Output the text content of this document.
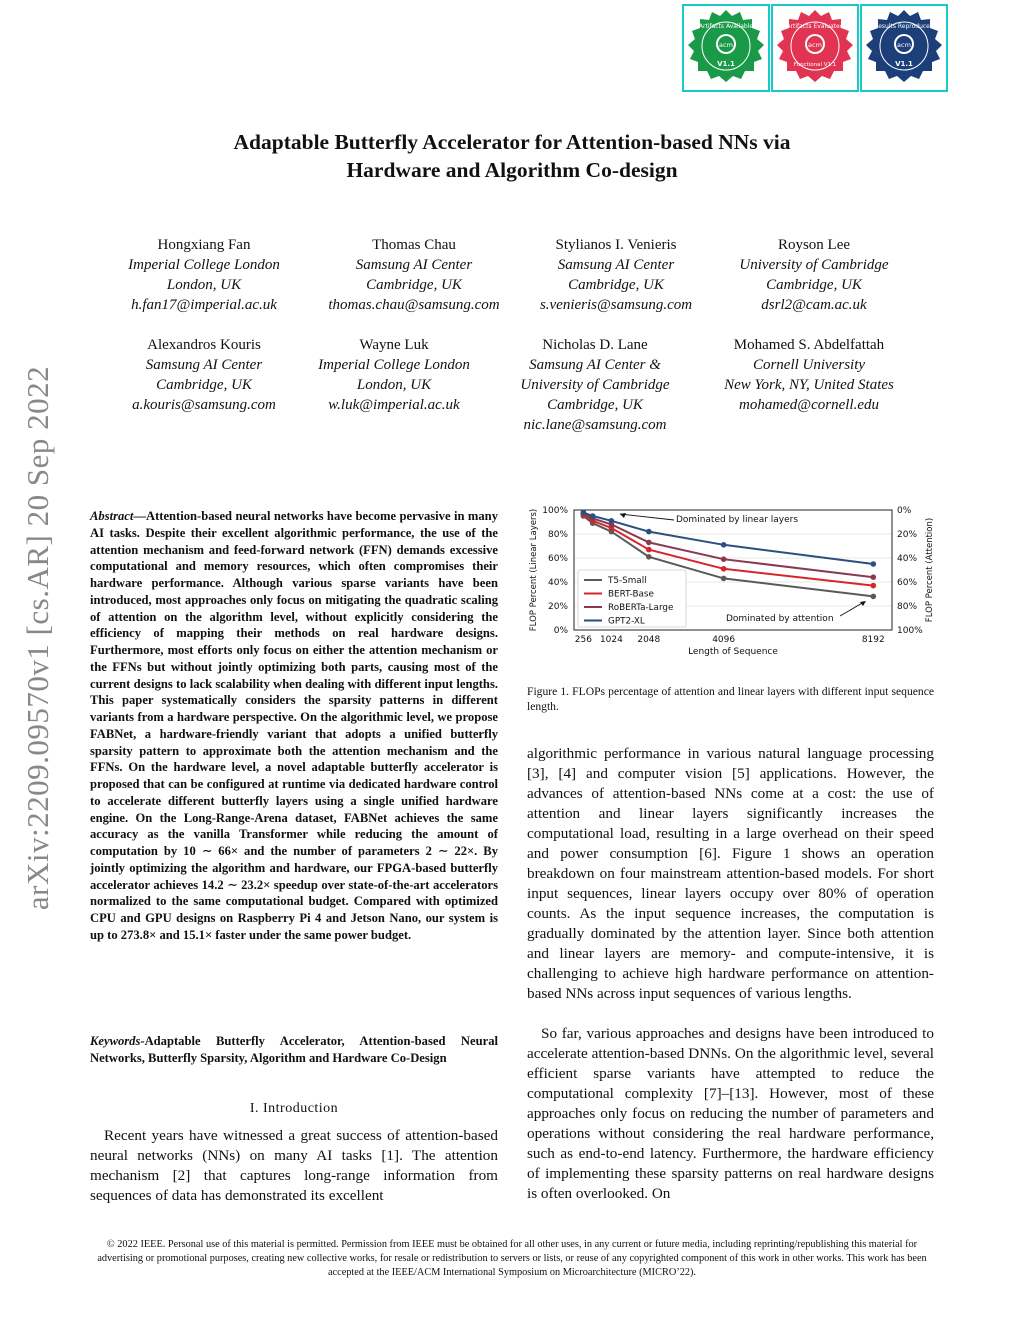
arXiv:2209.09570v1 [cs.AR] 20 Sep 2022
acm
Artifacts Available
V1.1
acm
Artifacts Evaluated
Functional V1.1
acm
Results Reproduced
V1.1
Adaptable Butterfly Accelerator for Attention-based NNs via
Hardware and Algorithm Co-design
Hongxiang Fan
Imperial College London
London, UK
h.fan17@imperial.ac.uk
Thomas Chau
Samsung AI Center
Cambridge, UK
thomas.chau@samsung.com
Stylianos I. Venieris
Samsung AI Center
Cambridge, UK
s.venieris@samsung.com
Royson Lee
University of Cambridge
Cambridge, UK
dsrl2@cam.ac.uk
Alexandros Kouris
Samsung AI Center
Cambridge, UK
a.kouris@samsung.com
Wayne Luk
Imperial College London
London, UK
w.luk@imperial.ac.uk
Nicholas D. Lane
Samsung AI Center &
University of Cambridge
Cambridge, UK
nic.lane@samsung.com
Mohamed S. Abdelfattah
Cornell University
New York, NY, United States
mohamed@cornell.edu
Abstract—Attention-based neural networks have become pervasive in many AI tasks. Despite their excellent algorithmic performance, the use of the attention mechanism and feed-forward network (FFN) demands excessive computational and memory resources, which often compromises their hardware performance. Although various sparse variants have been introduced, most approaches only focus on mitigating the quadratic scaling of attention on the algorithm level, without explicitly considering the efficiency of mapping their methods on real hardware designs. Furthermore, most efforts only focus on either the attention mechanism or the FFNs but without jointly optimizing both parts, causing most of the current designs to lack scalability when dealing with different input lengths. This paper systematically considers the sparsity patterns in different variants from a hardware perspective. On the algorithmic level, we propose FABNet, a hardware-friendly variant that adopts a unified butterfly sparsity pattern to approximate both the attention mechanism and the FFNs. On the hardware level, a novel adaptable butterfly accelerator is proposed that can be configured at runtime via dedicated hardware control to accelerate different butterfly layers using a single unified hardware engine. On the Long-Range-Arena dataset, FABNet achieves the same accuracy as the vanilla Transformer while reducing the amount of computation by 10 ∼ 66× and the number of parameters 2 ∼ 22×. By jointly optimizing the algorithm and hardware, our FPGA-based butterfly accelerator achieves 14.2 ∼ 23.2× speedup over state-of-the-art accelerators normalized to the same computational budget. Compared with optimized CPU and GPU designs on Raspberry Pi 4 and Jetson Nano, our system is up to 273.8× and 15.1× faster under the same power budget.
Keywords-Adaptable Butterfly Accelerator, Attention-based Neural Networks, Butterfly Sparsity, Algorithm and Hardware Co-Design
I. Introduction
Recent years have witnessed a great success of attention-based neural networks (NNs) on many AI tasks [1]. The attention mechanism [2] that captures long-range information from sequences of data has demonstrated its excellent
0%
20%
40%
60%
80%
100%
100%
80%
60%
40%
20%
0%
256 1024 2048	4096	8192
Length of Sequence
FLOP Percent (Linear Layers)	FLOP Percent (Attention)
Dominated by linear layers
Dominated by attention
T5-Small
BERT-Base
RoBERTa-Large
GPT2-XL
Figure 1. FLOPs percentage of attention and linear layers with different input sequence length.
algorithmic performance in various natural language processing [3], [4] and computer vision [5] applications. However, the advances of attention-based NNs come at a cost: the use of attention and linear layers significantly increases the computational load, resulting in a large overhead on their speed and power consumption [6]. Figure 1 shows an operation breakdown on four mainstream attention-based models. For short input sequences, linear layers occupy over 80% of operation counts. As the input sequence increases, the computation is gradually dominated by the attention layer. Since both attention and linear layers are memory- and compute-intensive, it is challenging to achieve high hardware performance on attention-based NNs across input sequences of various lengths.
So far, various approaches and designs have been introduced to accelerate attention-based DNNs. On the algorithmic level, several efficient sparse variants have attempted to reduce the computational complexity [7]–[13]. However, most of these approaches only focus on reducing the number of parameters and operations without considering the real hardware performance, such as end-to-end latency. Furthermore, the hardware efficiency of implementing these sparsity patterns on real hardware designs is often overlooked. On
© 2022 IEEE. Personal use of this material is permitted. Permission from IEEE must be obtained for all other uses, in any current or future media, including reprinting/republishing this material for advertising or promotional purposes, creating new collective works, for resale or redistribution to servers or lists, or reuse of any copyrighted component of this work in other works. This work has been accepted at the IEEE/ACM International Symposium on Microarchitecture (MICRO’22).
